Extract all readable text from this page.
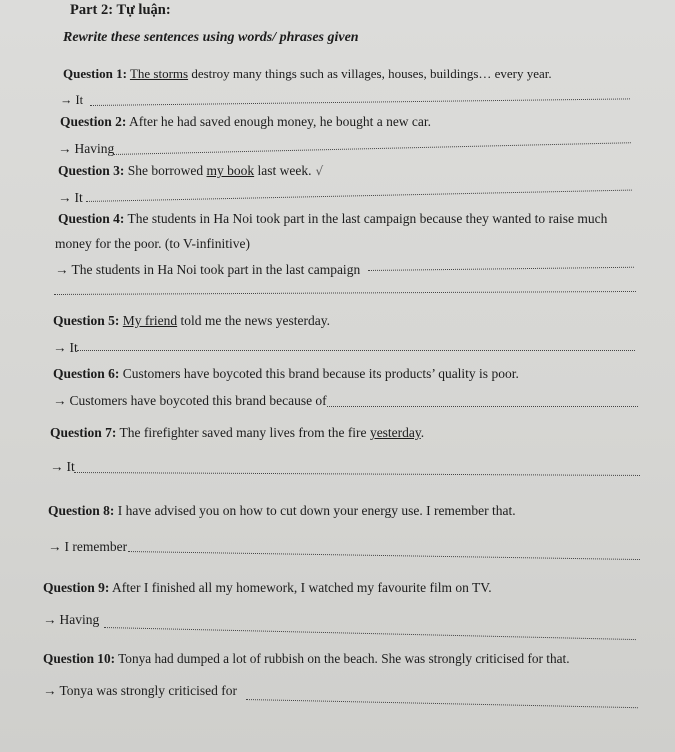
Part 2: Tự luận:
Rewrite these sentences using words/ phrases given
Question 1: The storms destroy many things such as villages, houses, buildings… every year.
→ It
Question 2: After he had saved enough money, he bought a new car.
→ Having
Question 3: She borrowed my book last week. √
→ It
Question 4: The students in Ha Noi took part in the last campaign because they wanted to raise much
money for the poor. (to V-infinitive)
→ The students in Ha Noi took part in the last campaign
Question 5: My friend told me the news yesterday.
→ It
Question 6: Customers have boycoted this brand because its products’ quality is poor.
→ Customers have boycoted this brand because of
Question 7: The firefighter saved many lives from the fire yesterday.
→ It
Question 8: I have advised you on how to cut down your energy use. I remember that.
→ I remember
Question 9: After I finished all my homework, I watched my favourite film on TV.
→ Having
Question 10: Tonya had dumped a lot of rubbish on the beach. She was strongly criticised for that.
→ Tonya was strongly criticised for
